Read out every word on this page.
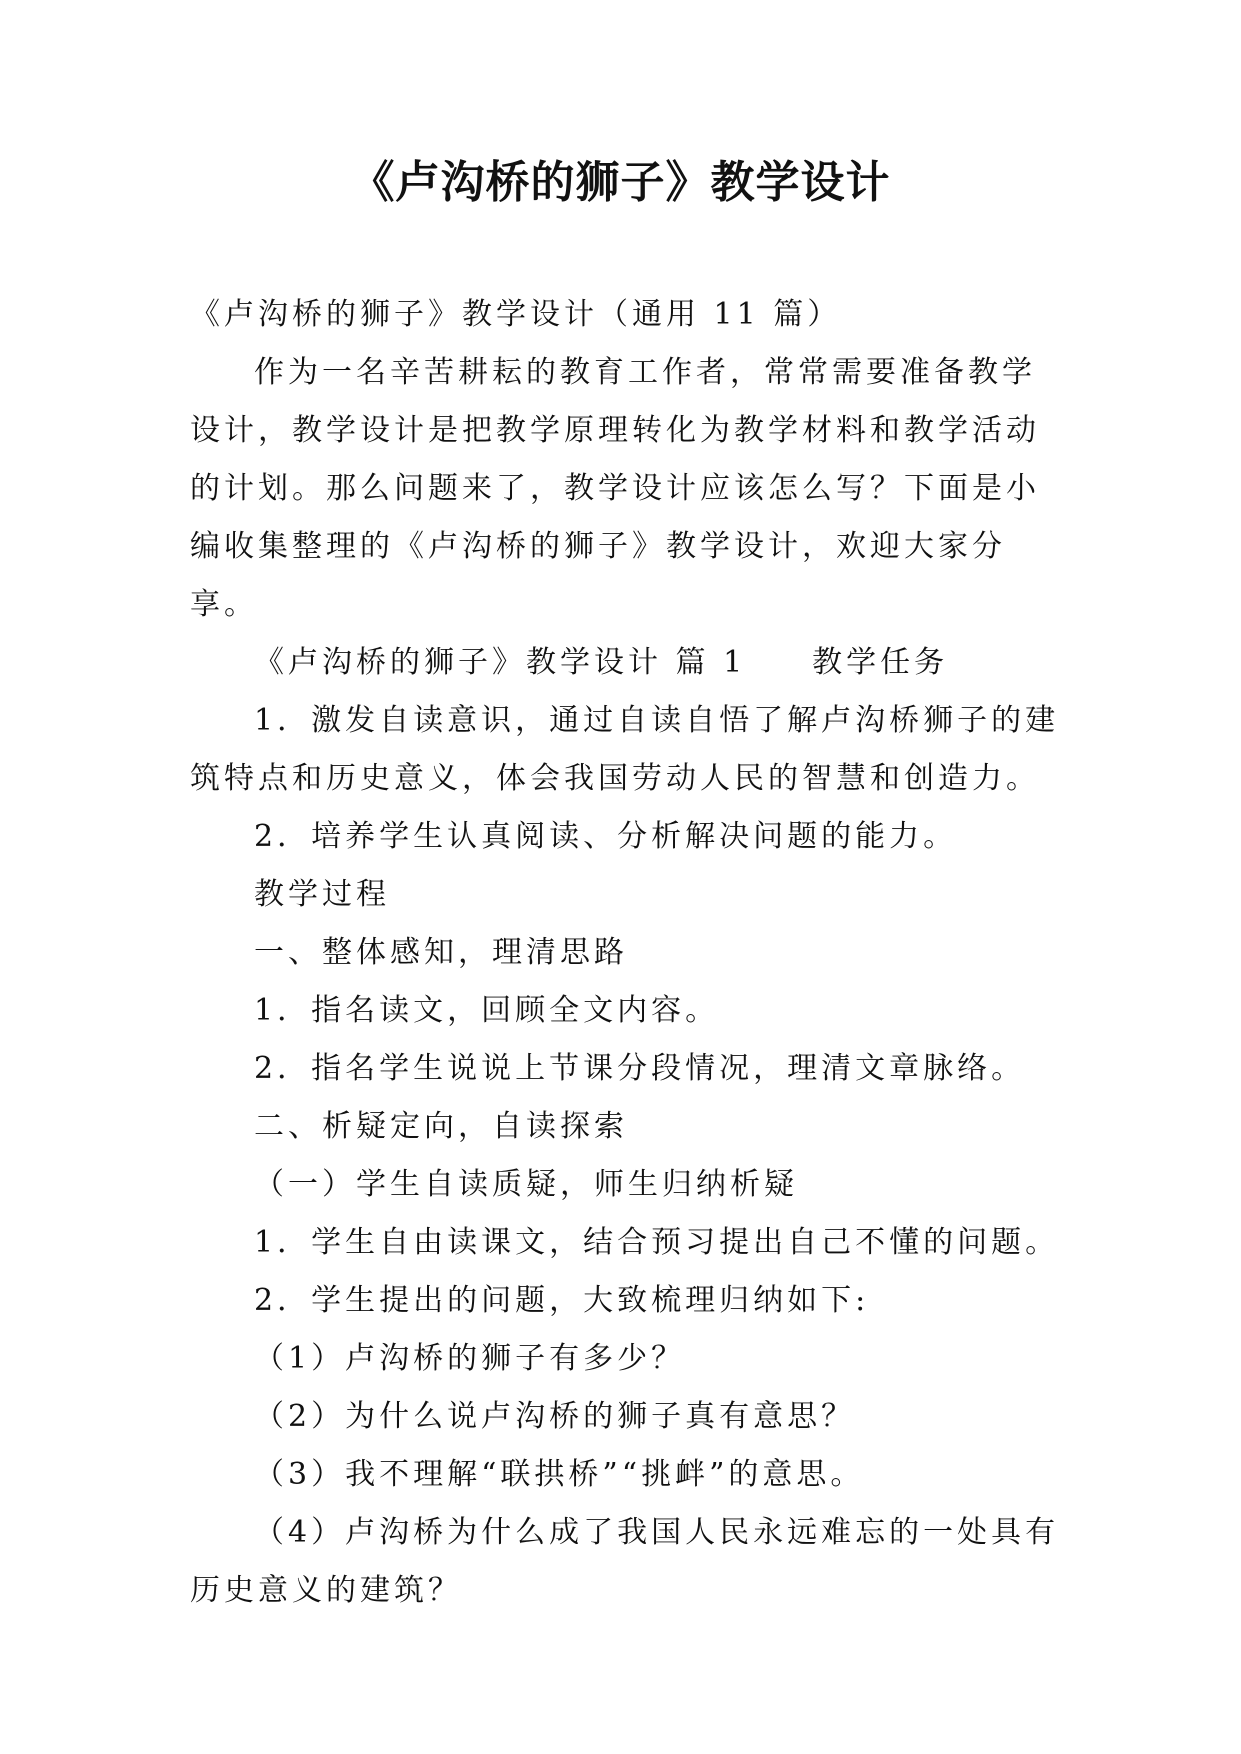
《卢沟桥的狮子》教学设计

《卢沟桥的狮子》教学设计（通用 11 篇）

作为一名辛苦耕耘的教育工作者，常常需要准备教学设计，教学设计是把教学原理转化为教学材料和教学活动的计划。那么问题来了，教学设计应该怎么写？下面是小编收集整理的《卢沟桥的狮子》教学设计，欢迎大家分享。

《卢沟桥的狮子》教学设计 篇 1 教学任务

1．激发自读意识，通过自读自悟了解卢沟桥狮子的建筑特点和历史意义，体会我国劳动人民的智慧和创造力。

2．培养学生认真阅读、分析解决问题的能力。

教学过程

一、整体感知，理清思路

1．指名读文，回顾全文内容。

2．指名学生说说上节课分段情况，理清文章脉络。

二、析疑定向，自读探索

（一）学生自读质疑，师生归纳析疑

1．学生自由读课文，结合预习提出自己不懂的问题。

2．学生提出的问题，大致梳理归纳如下:

（1）卢沟桥的狮子有多少？

（2）为什么说卢沟桥的狮子真有意思？

（3）我不理解“联拱桥”“挑衅”的意思。

（4）卢沟桥为什么成了我国人民永远难忘的一处具有历史意义的建筑？
